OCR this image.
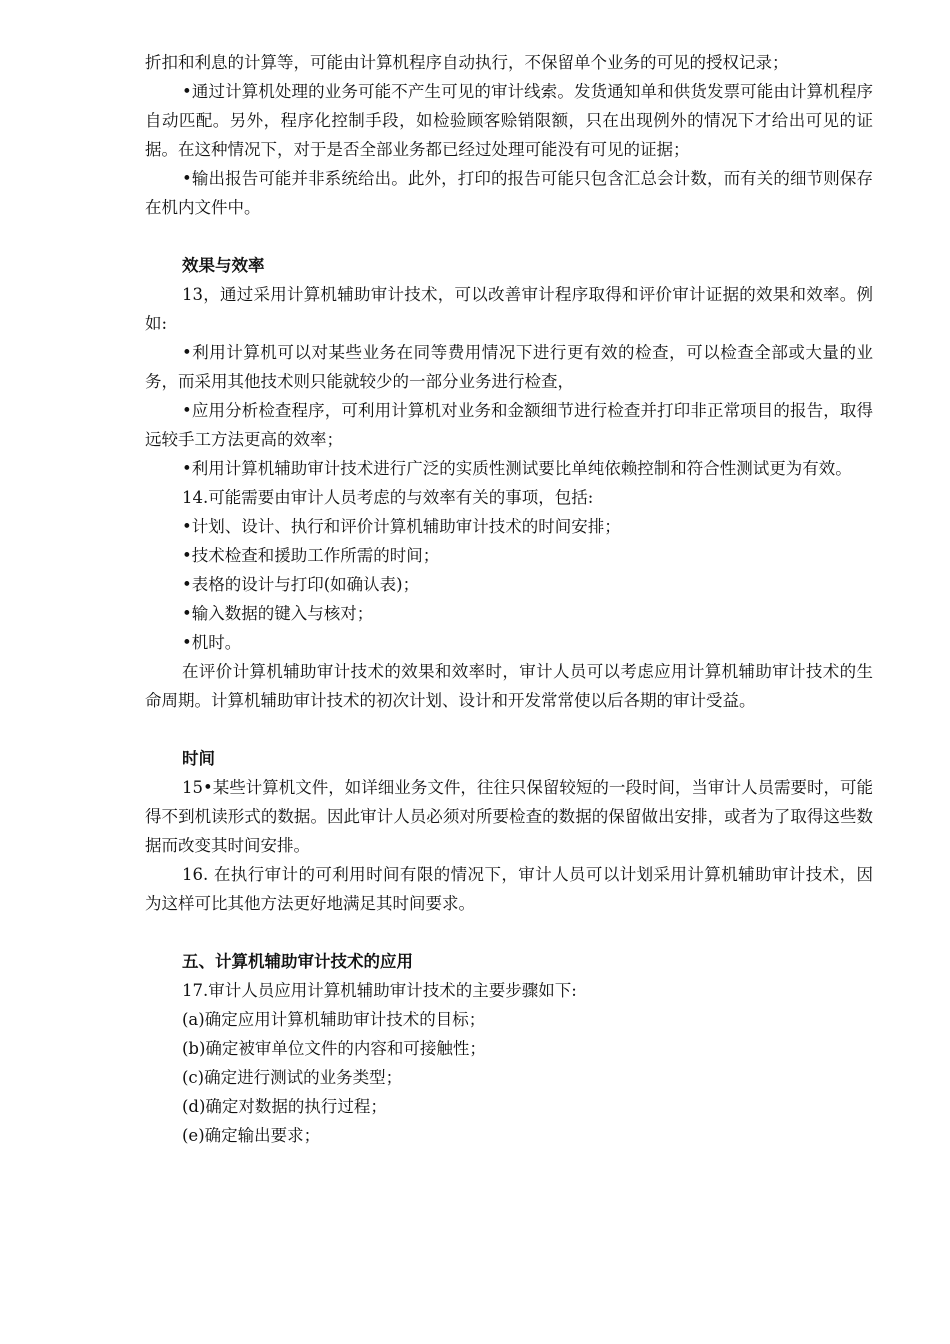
折扣和利息的计算等，可能由计算机程序自动执行，不保留单个业务的可见的授权记录；

•通过计算机处理的业务可能不产生可见的审计线索。发货通知单和供货发票可能由计算机程序自动匹配。另外，程序化控制手段，如检验顾客赊销限额，只在出现例外的情况下才给出可见的证据。在这种情况下，对于是否全部业务都已经过处理可能没有可见的证据；

•输出报告可能并非系统给出。此外，打印的报告可能只包含汇总会计数，而有关的细节则保存在机内文件中。

效果与效率

13，通过采用计算机辅助审计技术，可以改善审计程序取得和评价审计证据的效果和效率。例如:

•利用计算机可以对某些业务在同等费用情况下进行更有效的检查，可以检查全部或大量的业务，而采用其他技术则只能就较少的一部分业务进行检查，

•应用分析检查程序，可利用计算机对业务和金额细节进行检查并打印非正常项目的报告，取得远较手工方法更高的效率；

•利用计算机辅助审计技术进行广泛的实质性测试要比单纯依赖控制和符合性测试更为有效。

14.可能需要由审计人员考虑的与效率有关的事项，包括:

•计划、设计、执行和评价计算机辅助审计技术的时间安排；

•技术检查和援助工作所需的时间；

•表格的设计与打印(如确认表)；

•输入数据的键入与核对；

•机时。

在评价计算机辅助审计技术的效果和效率时，审计人员可以考虑应用计算机辅助审计技术的生命周期。计算机辅助审计技术的初次计划、设计和开发常常使以后各期的审计受益。

时间

15•某些计算机文件，如详细业务文件，往往只保留较短的一段时间，当审计人员需要时，可能得不到机读形式的数据。因此审计人员必须对所要检查的数据的保留做出安排，或者为了取得这些数据而改变其时间安排。

16. 在执行审计的可利用时间有限的情况下，审计人员可以计划采用计算机辅助审计技术，因为这样可比其他方法更好地满足其时间要求。

五、计算机辅助审计技术的应用

17.审计人员应用计算机辅助审计技术的主要步骤如下:

(a)确定应用计算机辅助审计技术的目标；

(b)确定被审单位文件的内容和可接触性；

(c)确定进行测试的业务类型；

(d)确定对数据的执行过程；

(e)确定输出要求；
